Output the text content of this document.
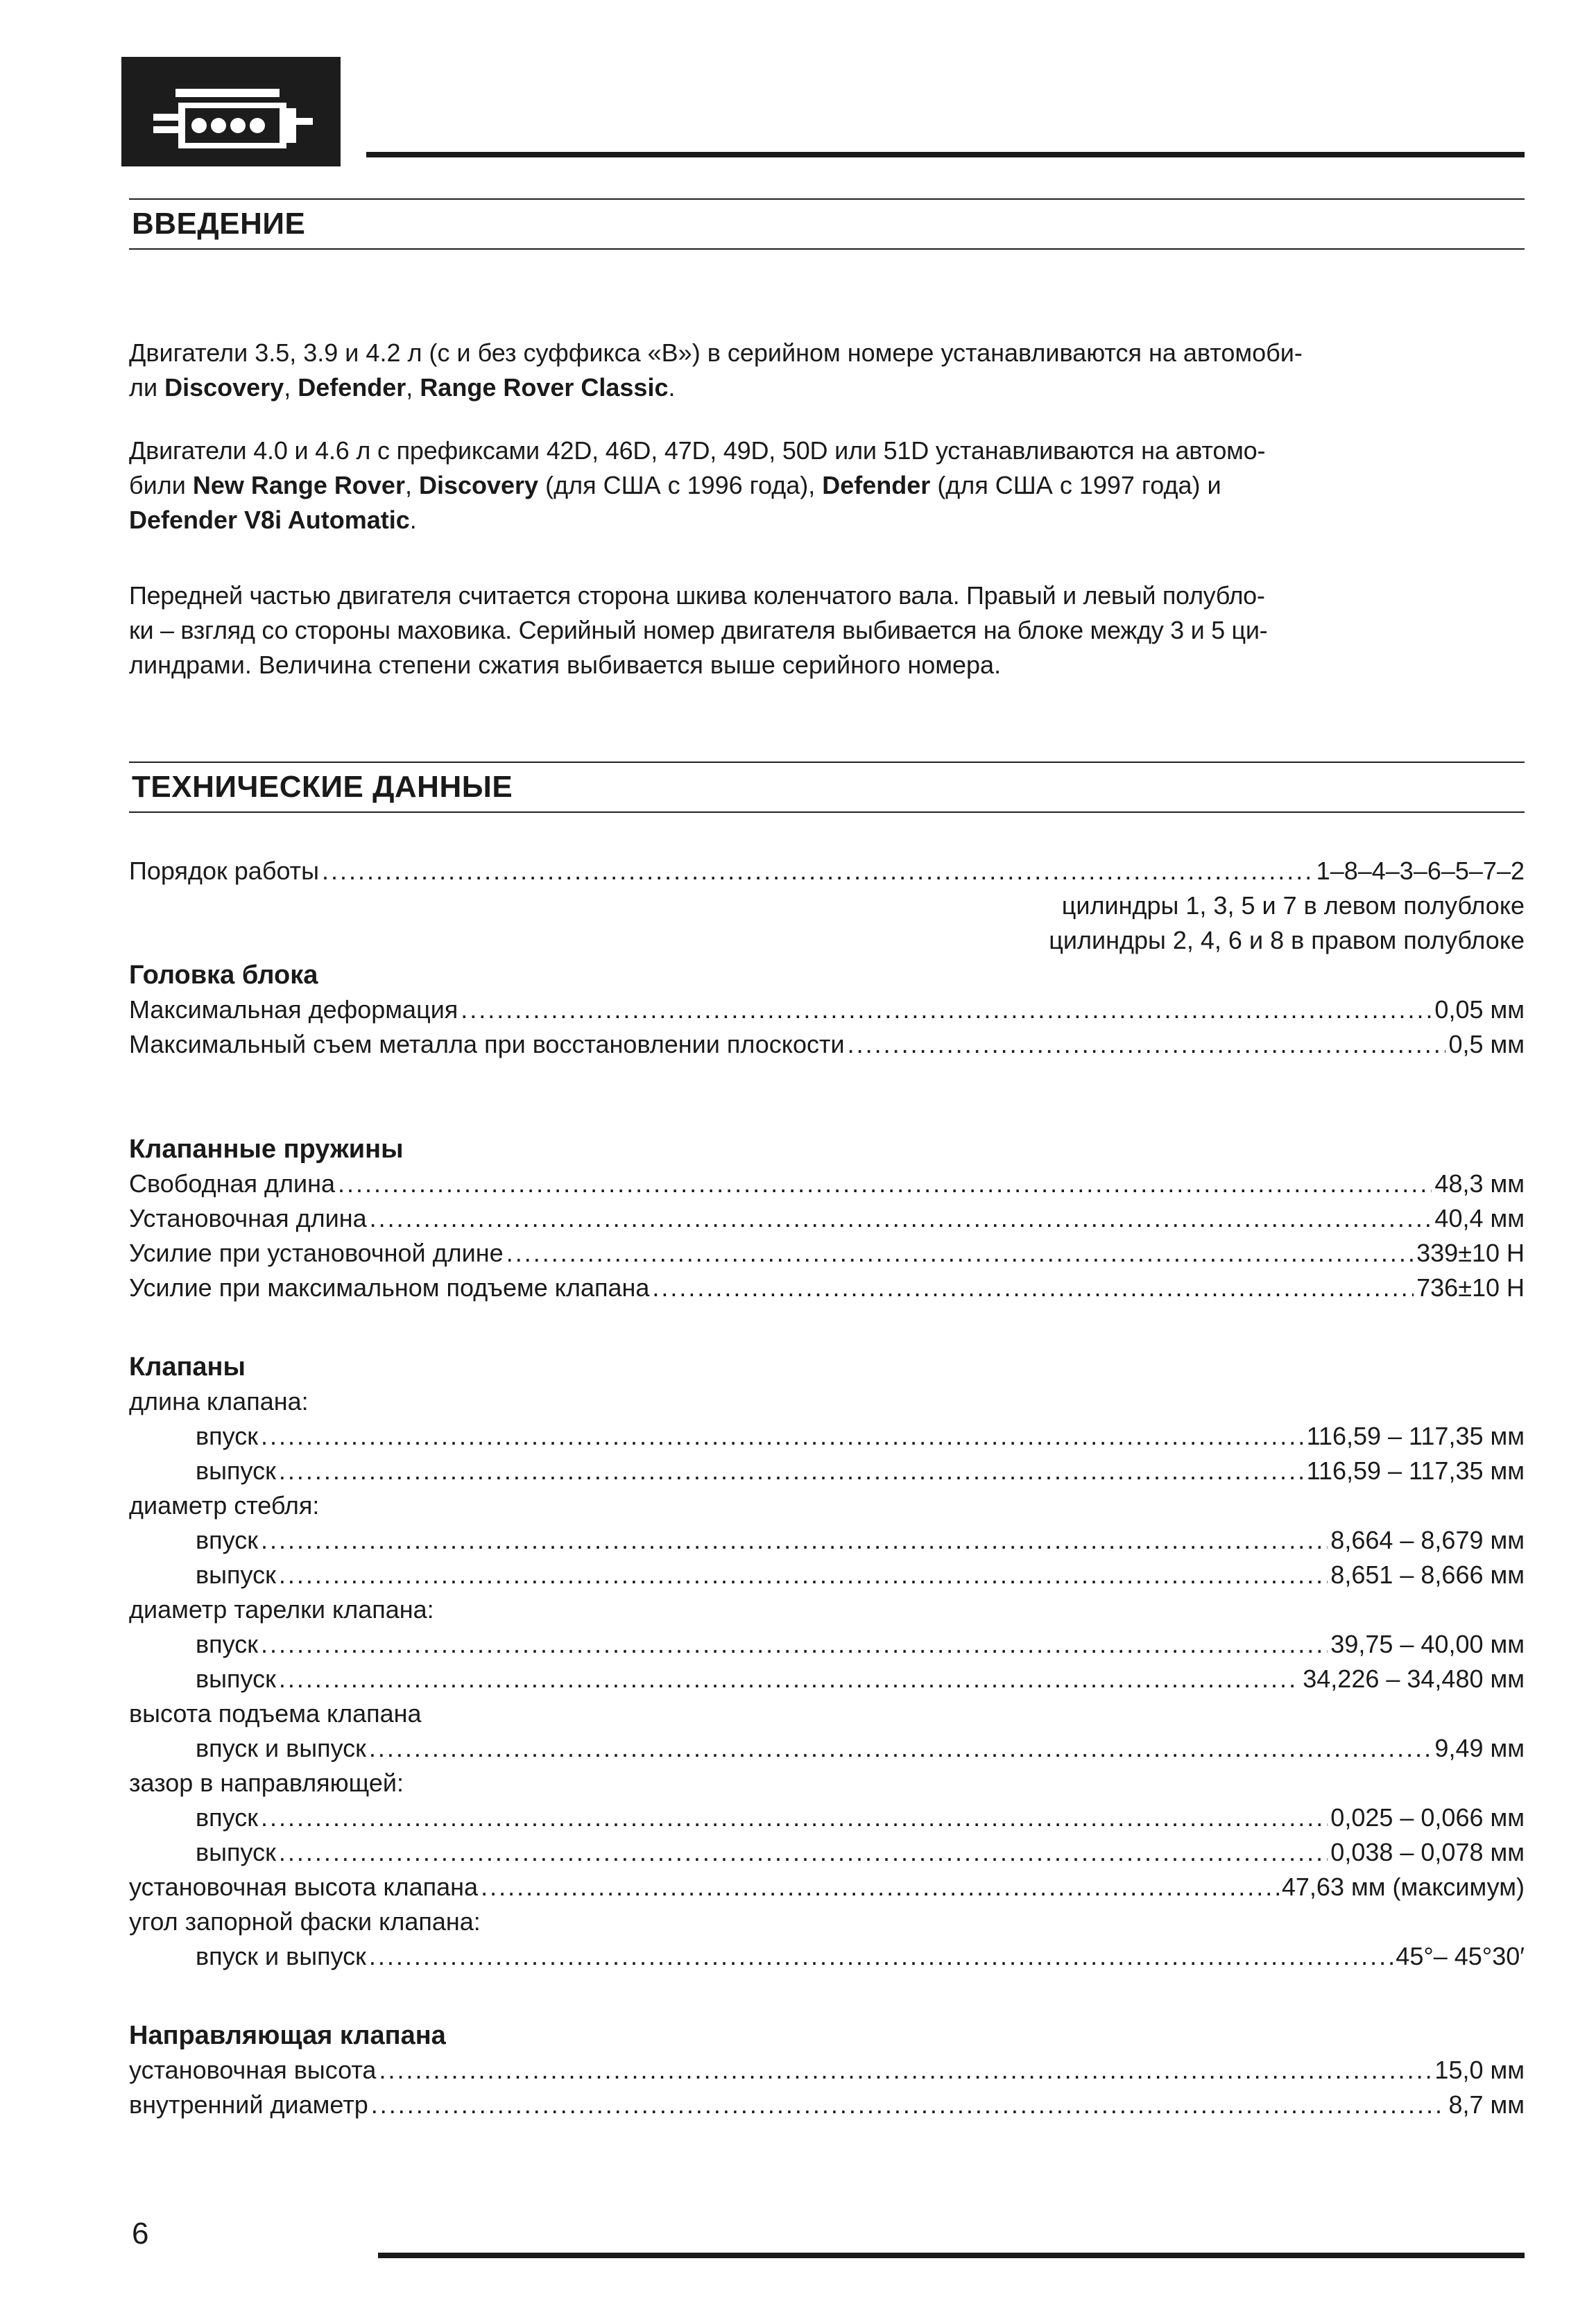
ВВЕДЕНИЕ

Двигатели 3.5, 3.9 и 4.2 л (с и без суффикса «В») в серийном номере устанавливаются на автомоби-

ли Discovery, Defender, Range Rover Classic.

Двигатели 4.0 и 4.6 л с префиксами 42D, 46D, 47D, 49D, 50D или 51D устанавливаются на автомо-

били New Range Rover, Discovery (для США с 1996 года), Defender (для США с 1997 года) и

Defender V8i Automatic.

Передней частью двигателя считается сторона шкива коленчатого вала. Правый и левый полублo-

ки – взгляд со стороны маховика. Серийный номер двигателя выбивается на блоке между 3 и 5 ци-

линдрами. Величина степени сжатия выбивается выше серийного номера.

ТЕХНИЧЕСКИЕ ДАННЫЕ
Порядок работы .....	1–8–4–3–6–5–7–2
цилиндры 1, 3, 5 и 7 в левом полублоке
цилиндры 2, 4, 6 и 8 в правом полублоке
Головка блока
Максимальная деформация .....	0,05 мм
Максимальный съем металла при восстановлении плоскости .....	0,5 мм
Клапанные пружины
Свободная длина .....	48,3 мм
Установочная длина .....	40,4 мм
Усилие при установочной длине .....	339±10 Н
Усилие при максимальном подъеме клапана .....	736±10 Н
Клапаны
длина клапана:
впуск .....	116,59 – 117,35 мм
выпуск .....	116,59 – 117,35 мм
диаметр стебля:
впуск .....	8,664 – 8,679 мм
выпуск .....	8,651 – 8,666 мм
диаметр тарелки клапана:
впуск .....	39,75 – 40,00 мм
выпуск .....	34,226 – 34,480 мм
высота подъема клапана
впуск и выпуск .....	9,49 мм
зазор в направляющей:
впуск .....	0,025 – 0,066 мм
выпуск .....	0,038 – 0,078 мм
установочная высота клапана .....	47,63 мм (максимум)
угол запорной фаски клапана:
впуск и выпуск .....	45°– 45°30′
Направляющая клапана
установочная высота .....	15,0 мм
внутренний диаметр .....	8,7 мм
6
